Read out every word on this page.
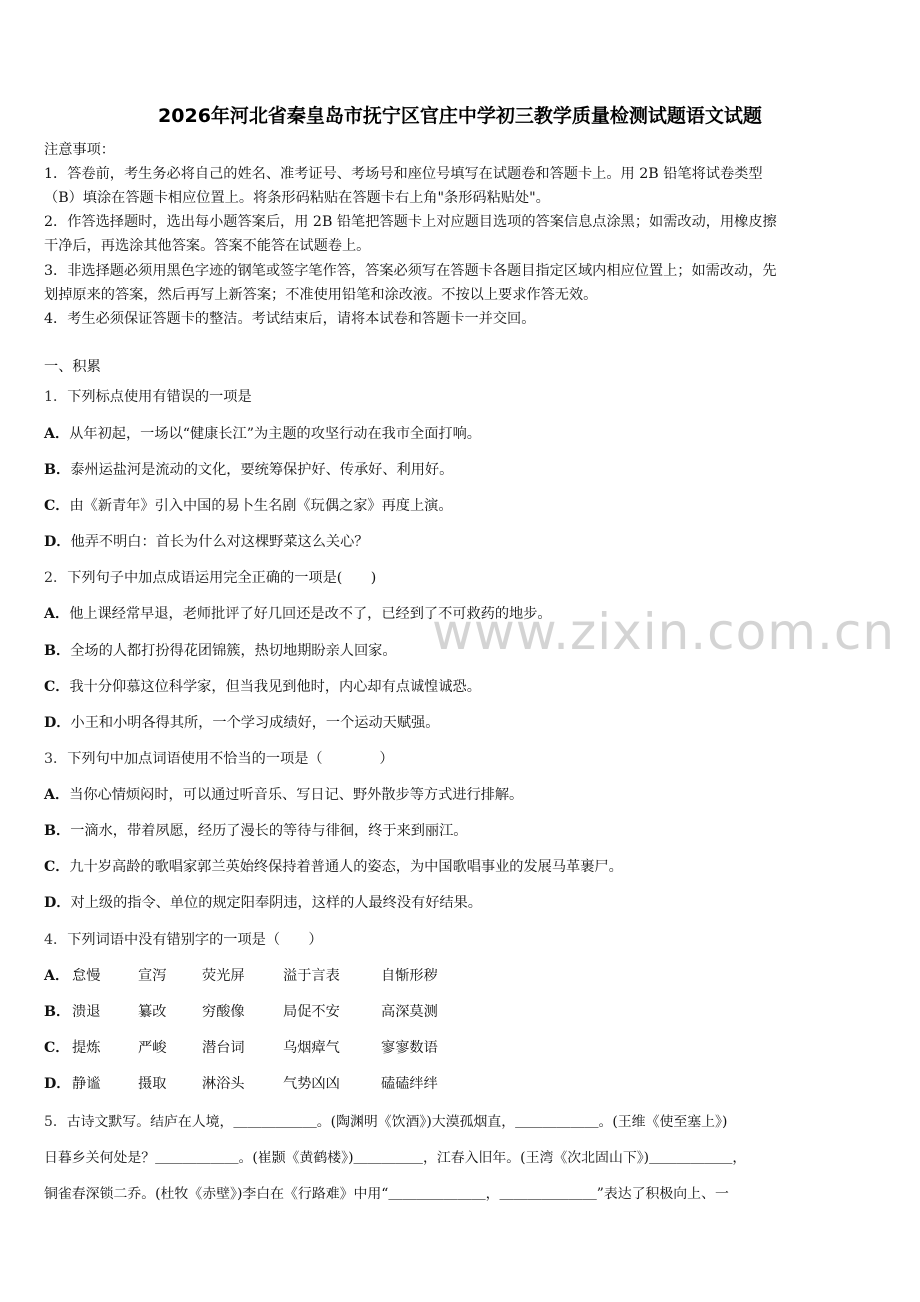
www.zixin.com.cn
2026年河北省秦皇岛市抚宁区官庄中学初三教学质量检测试题语文试题
注意事项：
1．答卷前，考生务必将自己的姓名、准考证号、考场号和座位号填写在试题卷和答题卡上。用 2B 铅笔将试卷类型
（B）填涂在答题卡相应位置上。将条形码粘贴在答题卡右上角"条形码粘贴处"。
2．作答选择题时，选出每小题答案后，用 2B 铅笔把答题卡上对应题目选项的答案信息点涂黑；如需改动，用橡皮擦
干净后，再选涂其他答案。答案不能答在试题卷上。
3．非选择题必须用黑色字迹的钢笔或签字笔作答，答案必须写在答题卡各题目指定区域内相应位置上；如需改动，先
划掉原来的答案，然后再写上新答案；不准使用铅笔和涂改液。不按以上要求作答无效。
4．考生必须保证答题卡的整洁。考试结束后，请将本试卷和答题卡一并交回。
一、积累
1．下列标点使用有错误的一项是
A．从年初起，一场以“健康长江”为主题的攻坚行动在我市全面打响。
B．泰州运盐河是流动的文化，要统筹保护好、传承好、利用好。
C．由《新青年》引入中国的易卜生名剧《玩偶之家》再度上演。
D．他弄不明白：首长为什么对这棵野菜这么关心？
2．下列句子中加点成语运用完全正确的一项是(　　)
A．他上课经常早退，老师批评了好几回还是改不了，已经到了不可救药的地步。
B．全场的人都打扮得花团锦簇，热切地期盼亲人回家。
C．我十分仰慕这位科学家，但当我见到他时，内心却有点诚惶诚恐。
D．小王和小明各得其所，一个学习成绩好，一个运动天赋强。
3．下列句中加点词语使用不恰当的一项是（　　　　）
A．当你心情烦闷时，可以通过听音乐、写日记、野外散步等方式进行排解。
B．一滴水，带着夙愿，经历了漫长的等待与徘徊，终于来到丽江。
C．九十岁高龄的歌唱家郭兰英始终保持着普通人的姿态，为中国歌唱事业的发展马革裹尸。
D．对上级的指令、单位的规定阳奉阴违，这样的人最终没有好结果。
4．下列词语中没有错别字的一项是（　　）
A． 怠慢	宣泻	荧光屏	溢于言表	自惭形秽
B． 溃退	纂改	穷酸像	局促不安	高深莫测
C． 提炼	严峻	潜台词	乌烟瘴气	寥寥数语
D． 静谧	摄取	淋浴头	气势凶凶	磕磕绊绊
5．古诗文默写。结庐在人境，＿＿＿＿＿＿。(陶渊明《饮酒》)大漠孤烟直，＿＿＿＿＿＿。(王维《使至塞上》)
日暮乡关何处是？＿＿＿＿＿＿。(崔颢《黄鹤楼》)＿＿＿＿＿，江春入旧年。(王湾《次北固山下》)＿＿＿＿＿＿，
铜雀春深锁二乔。(杜牧《赤壁》)李白在《行路难》中用“＿＿＿＿＿＿＿，＿＿＿＿＿＿＿”表达了积极向上、一
